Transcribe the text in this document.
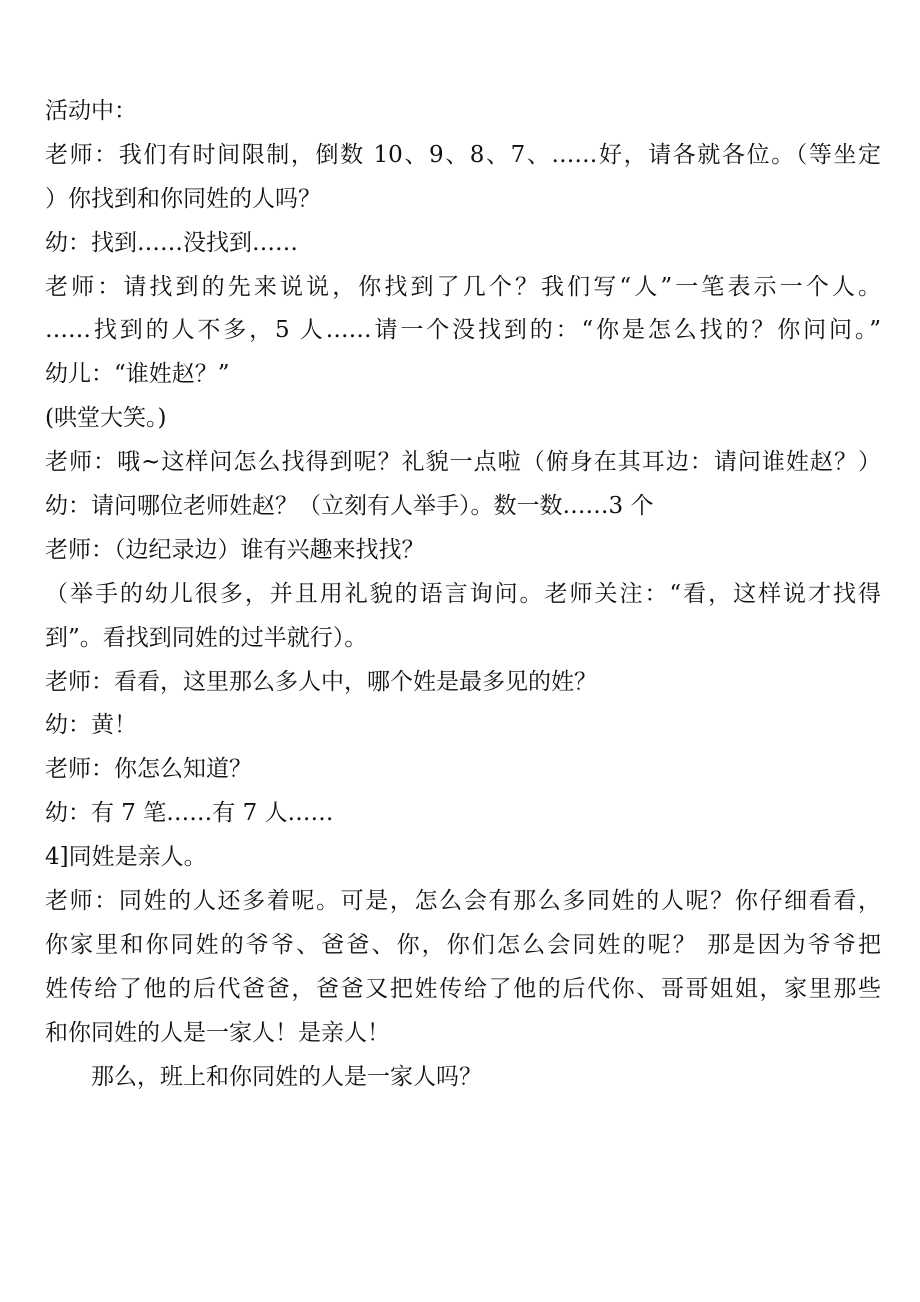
活动中：
老师：我们有时间限制，倒数 10、9、8、7、……好，请各就各位。（等坐定
）你找到和你同姓的人吗？
幼：找到……没找到……
老师：请找到的先来说说，你找到了几个？我们写“人”一笔表示一个人。
……找到的人不多，5 人……请一个没找到的：“你是怎么找的？你问问。”
幼儿：“谁姓赵？”
(哄堂大笑。)
老师：哦~这样问怎么找得到呢？礼貌一点啦（俯身在其耳边：请问谁姓赵？）
幼：请问哪位老师姓赵？（立刻有人举手）。数一数……3 个
老师：（边纪录边）谁有兴趣来找找？
（举手的幼儿很多，并且用礼貌的语言询问。老师关注：“看，这样说才找得
到”。看找到同姓的过半就行）。
老师：看看，这里那么多人中，哪个姓是最多见的姓？
幼：黄！
老师：你怎么知道？
幼：有 7 笔……有 7 人……
4]同姓是亲人。
老师：同姓的人还多着呢。可是，怎么会有那么多同姓的人呢？你仔细看看，
你家里和你同姓的爷爷、爸爸、你，你们怎么会同姓的呢？ 那是因为爷爷把
姓传给了他的后代爸爸，爸爸又把姓传给了他的后代你、哥哥姐姐，家里那些
和你同姓的人是一家人！是亲人！
那么，班上和你同姓的人是一家人吗？
